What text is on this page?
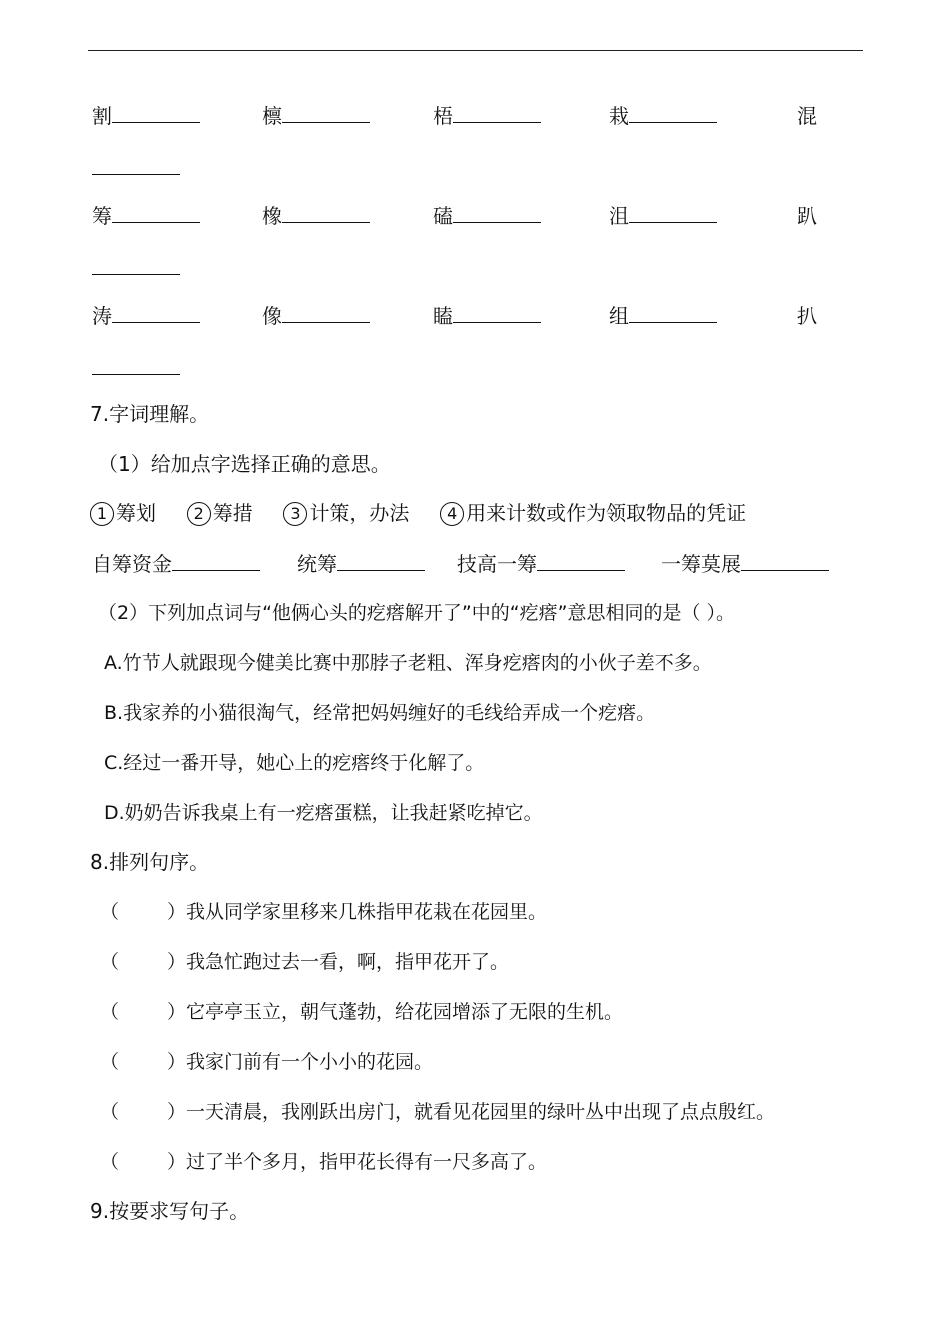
割	檩	梧	栽	混
筹	橡	磕	沮	趴
涛	像	瞌	组	扒
7.字词理解。
（1）给加点字选择正确的意思。
1 筹划 2 筹措 3 计策，办法 4 用来计数或作为领取物品的凭证
自筹资金	统筹	技高一筹	一筹莫展
（2）下列加点词与“他俩心头的疙瘩解开了”中的“疙瘩”意思相同的是（ ）。
A.竹节人就跟现今健美比赛中那脖子老粗、浑身疙瘩肉的小伙子差不多。
B.我家养的小猫很淘气，经常把妈妈缠好的毛线给弄成一个疙瘩。
C.经过一番开导，她心上的疙瘩终于化解了。
D.奶奶告诉我桌上有一疙瘩蛋糕，让我赶紧吃掉它。
8.排列句序。
（	）我从同学家里移来几株指甲花栽在花园里。
（	）我急忙跑过去一看，啊，指甲花开了。
（	）它亭亭玉立，朝气蓬勃，给花园增添了无限的生机。
（	）我家门前有一个小小的花园。
（	）一天清晨，我刚跃出房门，就看见花园里的绿叶丛中出现了点点殷红。
（	）过了半个多月，指甲花长得有一尺多高了。
9.按要求写句子。
